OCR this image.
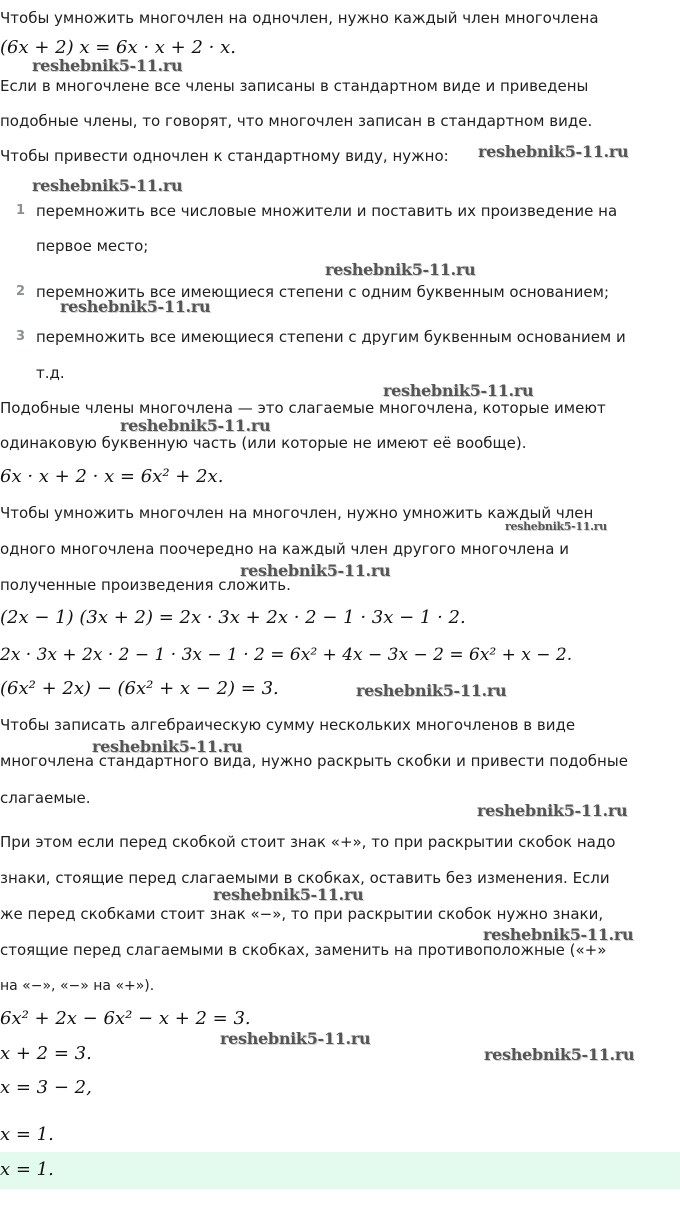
Чтобы умножить многочлен на одночлен, нужно каждый член многочлена
(6x + 2) x = 6x · x + 2 · x.
Если в многочлене все члены записаны в стандартном виде и приведены
подобные члены, то говорят, что многочлен записан в стандартном виде.
Чтобы привести одночлен к стандартному виду, нужно:
1 перемножить все числовые множители и поставить их произведение на
первое место;
2 перемножить все имеющиеся степени с одним буквенным основанием;
3 перемножить все имеющиеся степени с другим буквенным основанием и
т.д.
Подобные члены многочлена — это слагаемые многочлена, которые имеют
одинаковую буквенную часть (или которые не имеют её вообще).
6x · x + 2 · x = 6x² + 2x.
Чтобы умножить многочлен на многочлен, нужно умножить каждый член
одного многочлена поочередно на каждый член другого многочлена и
полученные произведения сложить.
(2x − 1) (3x + 2) = 2x · 3x + 2x · 2 − 1 · 3x − 1 · 2.
2x · 3x + 2x · 2 − 1 · 3x − 1 · 2 = 6x² + 4x − 3x − 2 = 6x² + x − 2.
(6x² + 2x) − (6x² + x − 2) = 3.
Чтобы записать алгебраическую сумму нескольких многочленов в виде
многочлена стандартного вида, нужно раскрыть скобки и привести подобные
слагаемые.
При этом если перед скобкой стоит знак «+», то при раскрытии скобок надо
знаки, стоящие перед слагаемыми в скобках, оставить без изменения. Если
же перед скобками стоит знак «−», то при раскрытии скобок нужно знаки,
стоящие перед слагаемыми в скобках, заменить на противоположные («+»
на «−», «−» на «+»).
6x² + 2x − 6x² − x + 2 = 3.
x + 2 = 3.
x = 3 − 2,
x = 1.
x = 1.
reshebnik5-11.ru
reshebnik5-11.ru
reshebnik5-11.ru
reshebnik5-11.ru
reshebnik5-11.ru
reshebnik5-11.ru
reshebnik5-11.ru
reshebnik5-11.ru
reshebnik5-11.ru
reshebnik5-11.ru
reshebnik5-11.ru
reshebnik5-11.ru
reshebnik5-11.ru
reshebnik5-11.ru
reshebnik5-11.ru
reshebnik5-11.ru
